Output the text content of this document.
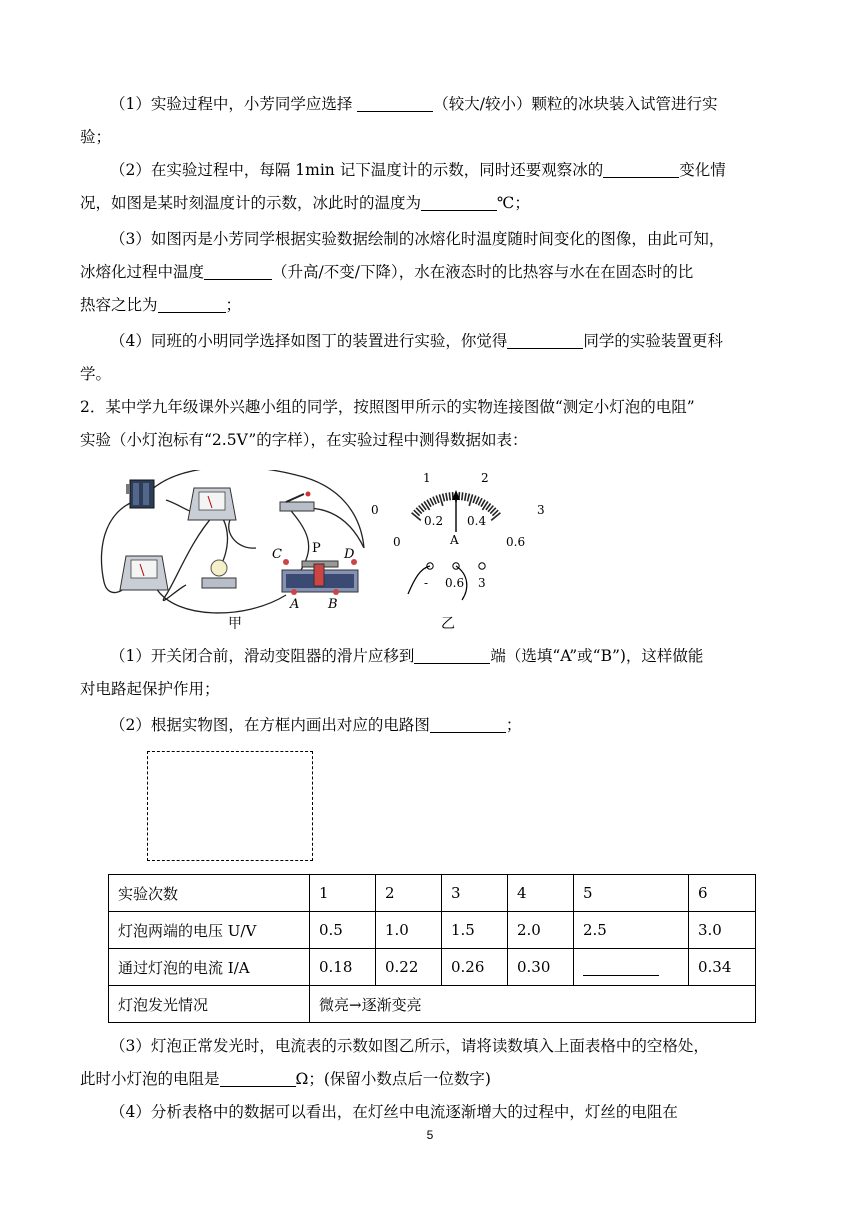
（1）实验过程中，小芳同学应选择	（较大/较小）颗粒的冰块装入试管进行实
验；
（2）在实验过程中，每隔 1min 记下温度计的示数，同时还要观察冰的	变化情
况，如图是某时刻温度计的示数，冰此时的温度为	℃；
（3）如图丙是小芳同学根据实验数据绘制的冰熔化时温度随时间变化的图像，由此可知，
冰熔化过程中温度	（升高/不变/下降），水在液态时的比热容与水在在固态时的比
热容之比为	；
（4）同班的小明同学选择如图丁的装置进行实验，你觉得	同学的实验装置更科
学。
2．某中学九年级课外兴趣小组的同学，按照图甲所示的实物连接图做“测定小灯泡的电阻”
实验（小灯泡标有“2.5V”的字样），在实验过程中测得数据如表：
C P D
A B
0
1	2
3
0
0.2 0.4
0.6
A
- 0.6 3
甲	乙
（1）开关闭合前，滑动变阻器的滑片应移到	端（选填“A”或“B”)，这样做能
对电路起保护作用；
（2）根据实物图，在方框内画出对应的电路图	；
实验次数	1	2	3	4	5	6
灯泡两端的电压 U/V	0.5	1.0	1.5	2.0	2.5	3.0
通过灯泡的电流 I/A	0.18	0.22	0.26	0.30		0.34
灯泡发光情况	微亮→逐渐变亮					
（3）灯泡正常发光时，电流表的示数如图乙所示，请将读数填入上面表格中的空格处，
此时小灯泡的电阻是	Ω；(保留小数点后一位数字)
（4）分析表格中的数据可以看出，在灯丝中电流逐渐增大的过程中，灯丝的电阻在
5
